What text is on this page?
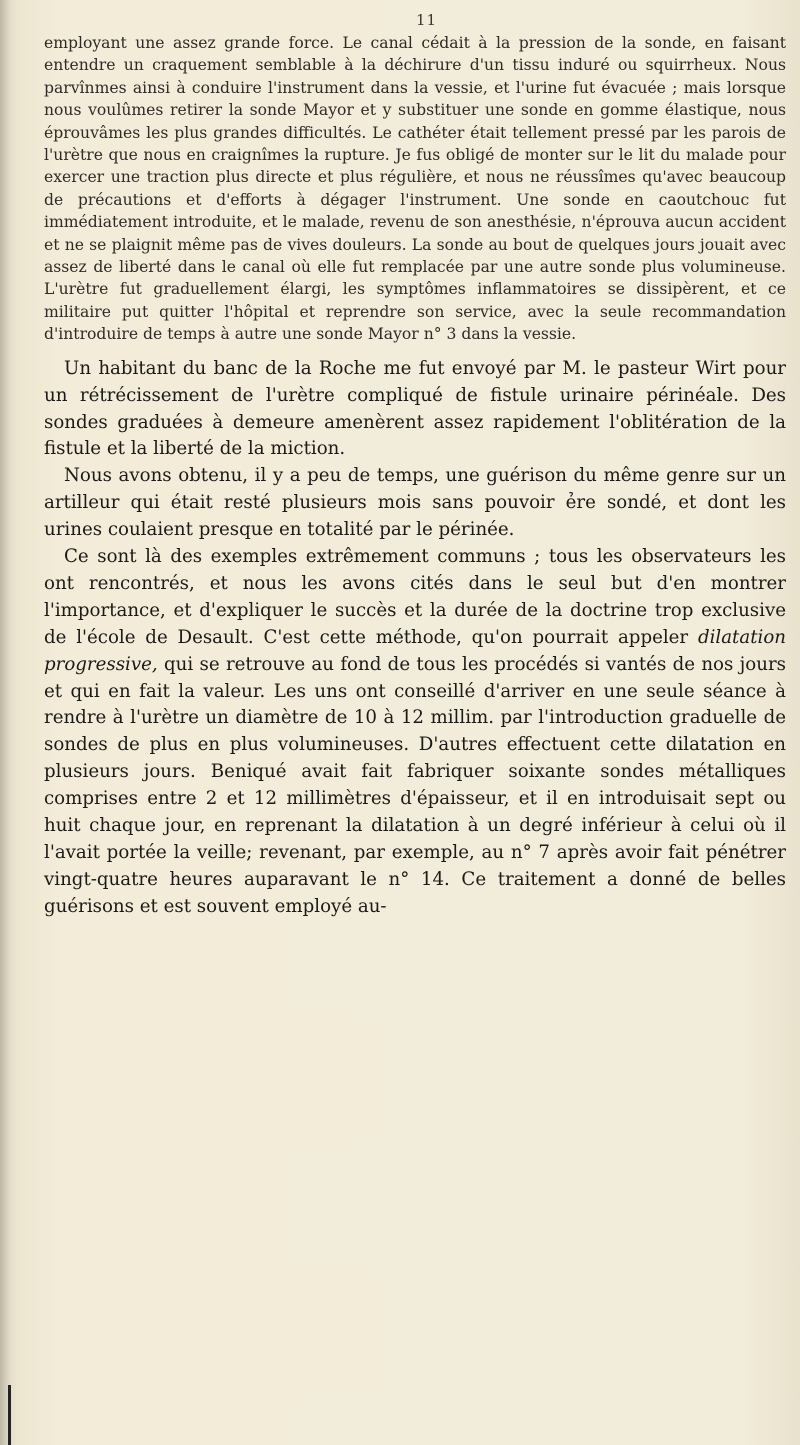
11

employant une assez grande force. Le canal cédait à la pression de la sonde, en faisant entendre un craquement semblable à la déchirure d'un tissu induré ou squirrheux. Nous parvînmes ainsi à conduire l'instrument dans la vessie, et l'urine fut évacuée ; mais lorsque nous voulûmes retirer la sonde Mayor et y substituer une sonde en gomme élastique, nous éprouvâmes les plus grandes difficultés. Le cathéter était tellement pressé par les parois de l'urètre que nous en craignîmes la rupture. Je fus obligé de monter sur le lit du malade pour exercer une traction plus directe et plus régulière, et nous ne réussîmes qu'avec beaucoup de précautions et d'efforts à dégager l'instrument. Une sonde en caoutchouc fut immédiatement introduite, et le malade, revenu de son anesthésie, n'éprouva aucun accident et ne se plaignit même pas de vives douleurs. La sonde au bout de quelques jours jouait avec assez de liberté dans le canal où elle fut remplacée par une autre sonde plus volumineuse. L'urètre fut graduellement élargi, les symptômes inflammatoires se dissipèrent, et ce militaire put quitter l'hôpital et reprendre son service, avec la seule recommandation d'introduire de temps à autre une sonde Mayor n° 3 dans la vessie.

Un habitant du banc de la Roche me fut envoyé par M. le pasteur Wirt pour un rétrécissement de l'urètre compliqué de fistule urinaire périnéale. Des sondes graduées à demeure amenèrent assez rapidement l'oblitération de la fistule et la liberté de la miction.

Nous avons obtenu, il y a peu de temps, une guérison du même genre sur un artilleur qui était resté plusieurs mois sans pouvoir ẻre sondé, et dont les urines coulaient presque en totalité par le périnée.

Ce sont là des exemples extrêmement communs ; tous les observateurs les ont rencontrés, et nous les avons cités dans le seul but d'en montrer l'importance, et d'expliquer le succès et la durée de la doctrine trop exclusive de l'école de Desault. C'est cette méthode, qu'on pourrait appeler dilatation progressive, qui se retrouve au fond de tous les procédés si vantés de nos jours et qui en fait la valeur. Les uns ont conseillé d'arriver en une seule séance à rendre à l'urètre un diamètre de 10 à 12 millim. par l'introduction graduelle de sondes de plus en plus volumineuses. D'autres effectuent cette dilatation en plusieurs jours. Beniqué avait fait fabriquer soixante sondes métalliques comprises entre 2 et 12 millimètres d'épaisseur, et il en introduisait sept ou huit chaque jour, en reprenant la dilatation à un degré inférieur à celui où il l'avait portée la veille; revenant, par exemple, au n° 7 après avoir fait pénétrer vingt-quatre heures auparavant le n° 14. Ce traitement a donné de belles guérisons et est souvent employé au-
